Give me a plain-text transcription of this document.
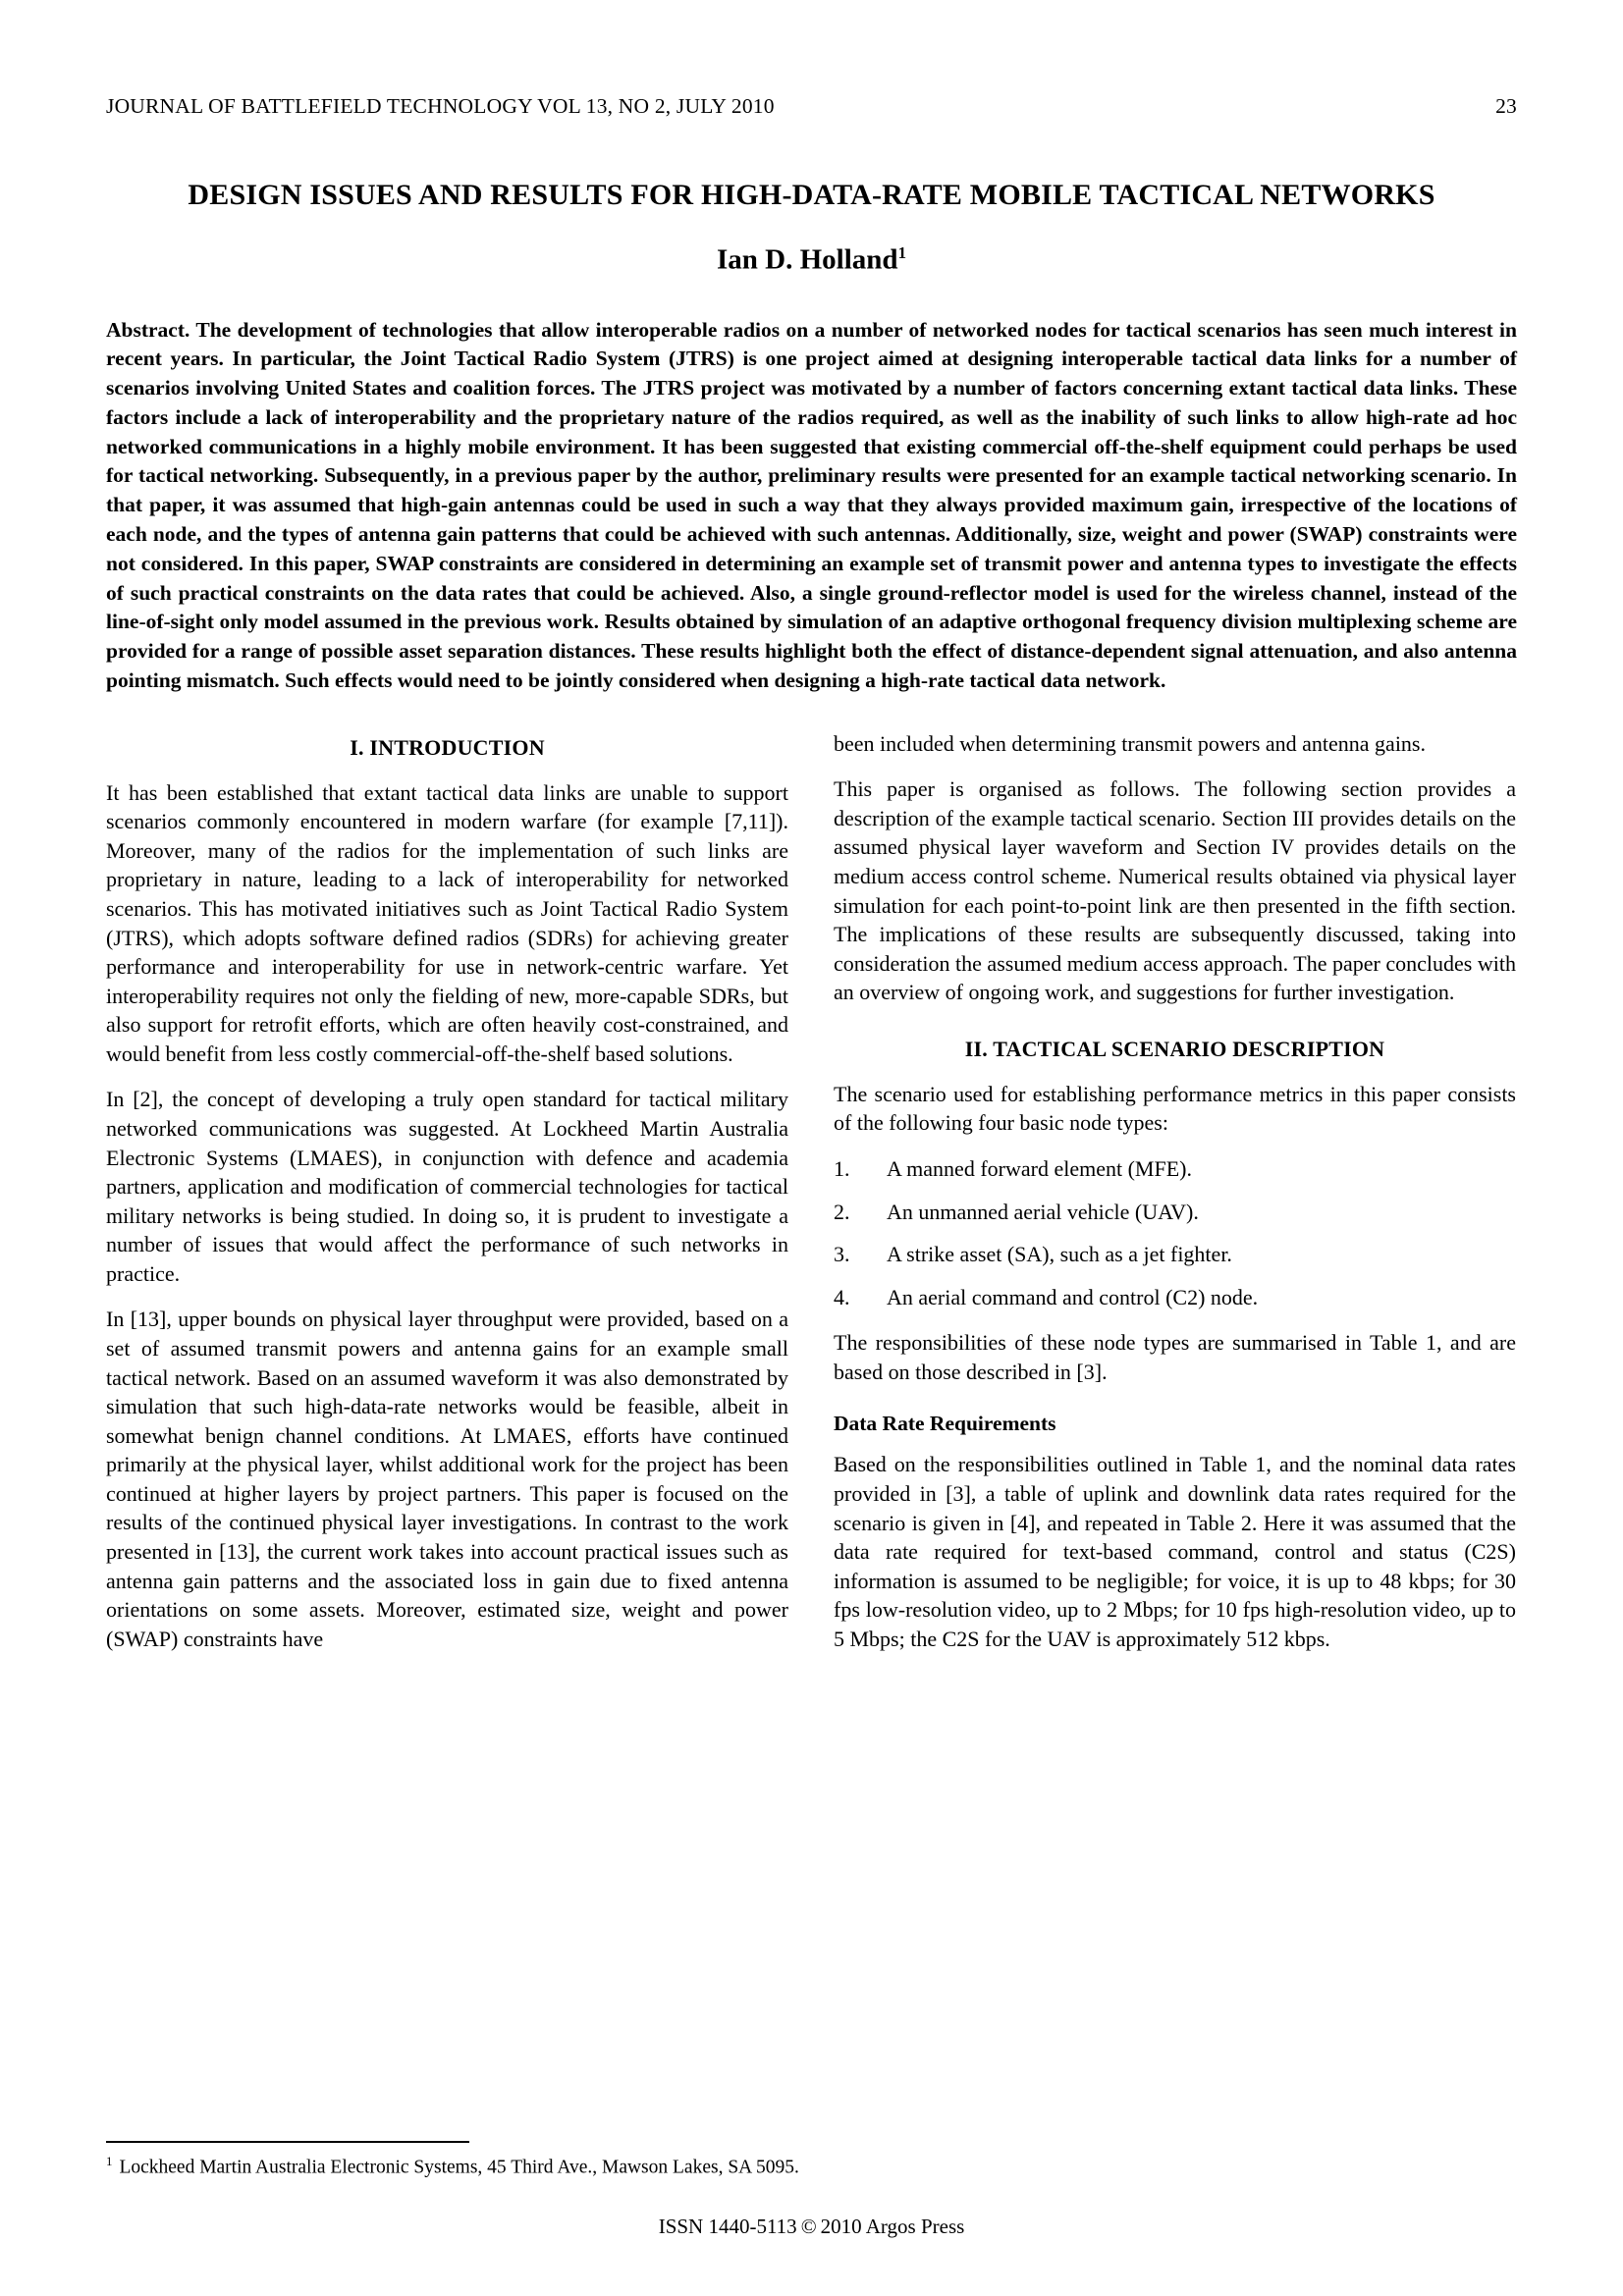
JOURNAL OF BATTLEFIELD TECHNOLOGY VOL 13, NO 2, JULY 2010	23
DESIGN ISSUES AND RESULTS FOR HIGH-DATA-RATE MOBILE TACTICAL NETWORKS
Ian D. Holland$^1$
Abstract. The development of technologies that allow interoperable radios on a number of networked nodes for tactical scenarios has seen much interest in recent years. In particular, the Joint Tactical Radio System (JTRS) is one project aimed at designing interoperable tactical data links for a number of scenarios involving United States and coalition forces. The JTRS project was motivated by a number of factors concerning extant tactical data links. These factors include a lack of interoperability and the proprietary nature of the radios required, as well as the inability of such links to allow high-rate ad hoc networked communications in a highly mobile environment. It has been suggested that existing commercial off-the-shelf equipment could perhaps be used for tactical networking. Subsequently, in a previous paper by the author, preliminary results were presented for an example tactical networking scenario. In that paper, it was assumed that high-gain antennas could be used in such a way that they always provided maximum gain, irrespective of the locations of each node, and the types of antenna gain patterns that could be achieved with such antennas. Additionally, size, weight and power (SWAP) constraints were not considered. In this paper, SWAP constraints are considered in determining an example set of transmit power and antenna types to investigate the effects of such practical constraints on the data rates that could be achieved. Also, a single ground-reflector model is used for the wireless channel, instead of the line-of-sight only model assumed in the previous work. Results obtained by simulation of an adaptive orthogonal frequency division multiplexing scheme are provided for a range of possible asset separation distances. These results highlight both the effect of distance-dependent signal attenuation, and also antenna pointing mismatch. Such effects would need to be jointly considered when designing a high-rate tactical data network.
I. INTRODUCTION

It has been established that extant tactical data links are unable to support scenarios commonly encountered in modern warfare (for example [7,11]). Moreover, many of the radios for the implementation of such links are proprietary in nature, leading to a lack of interoperability for networked scenarios. This has motivated initiatives such as Joint Tactical Radio System (JTRS), which adopts software defined radios (SDRs) for achieving greater performance and interoperability for use in network-centric warfare. Yet interoperability requires not only the fielding of new, more-capable SDRs, but also support for retrofit efforts, which are often heavily cost-constrained, and would benefit from less costly commercial-off-the-shelf based solutions.

In [2], the concept of developing a truly open standard for tactical military networked communications was suggested. At Lockheed Martin Australia Electronic Systems (LMAES), in conjunction with defence and academia partners, application and modification of commercial technologies for tactical military networks is being studied. In doing so, it is prudent to investigate a number of issues that would affect the performance of such networks in practice.

In [13], upper bounds on physical layer throughput were provided, based on a set of assumed transmit powers and antenna gains for an example small tactical network. Based on an assumed waveform it was also demonstrated by simulation that such high-data-rate networks would be feasible, albeit in somewhat benign channel conditions. At LMAES, efforts have continued primarily at the physical layer, whilst additional work for the project has been continued at higher layers by project partners. This paper is focused on the results of the continued physical layer investigations. In contrast to the work presented in [13], the current work takes into account practical issues such as antenna gain patterns and the associated loss in gain due to fixed antenna orientations on some assets. Moreover, estimated size, weight and power (SWAP) constraints have

been included when determining transmit powers and antenna gains.

This paper is organised as follows. The following section provides a description of the example tactical scenario. Section III provides details on the assumed physical layer waveform and Section IV provides details on the medium access control scheme. Numerical results obtained via physical layer simulation for each point-to-point link are then presented in the fifth section. The implications of these results are subsequently discussed, taking into consideration the assumed medium access approach. The paper concludes with an overview of ongoing work, and suggestions for further investigation.

II. TACTICAL SCENARIO DESCRIPTION

The scenario used for establishing performance metrics in this paper consists of the following four basic node types:

1.	A manned forward element (MFE).
2.	An unmanned aerial vehicle (UAV).
3.	A strike asset (SA), such as a jet fighter.
4.	An aerial command and control (C2) node.

The responsibilities of these node types are summarised in Table 1, and are based on those described in [3].

Data Rate Requirements

Based on the responsibilities outlined in Table 1, and the nominal data rates provided in [3], a table of uplink and downlink data rates required for the scenario is given in [4], and repeated in Table 2. Here it was assumed that the data rate required for text-based command, control and status (C2S) information is assumed to be negligible; for voice, it is up to 48 kbps; for 30 fps low-resolution video, up to 2 Mbps; for 10 fps high-resolution video, up to 5 Mbps; the C2S for the UAV is approximately 512 kbps.

$^1$ Lockheed Martin Australia Electronic Systems, 45 Third Ave., Mawson Lakes, SA 5095.
ISSN 1440-5113 © 2010 Argos Press
